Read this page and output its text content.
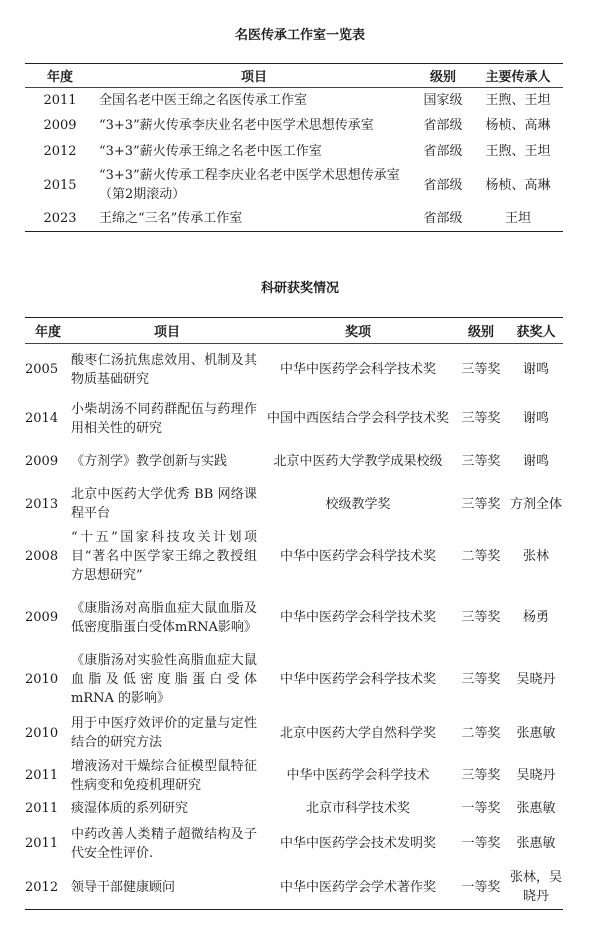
名医传承工作室一览表
年度	项目	级别	主要传承人
2011	全国名老中医王绵之名医传承工作室	国家级	王煦、王坦
2009	“3+3”薪火传承李庆业名老中医学术思想传承室	省部级	杨桢、高琳
2012	“3+3”薪火传承王绵之名老中医工作室	省部级	王煦、王坦
2015	“3+3”薪火传承工程李庆业名老中医学术思想传承室（第2期滚动）	省部级	杨桢、高琳
2023	王绵之“三名”传承工作室	省部级	王坦
科研获奖情况
年度	项目	奖项	级别	获奖人
2005	酸枣仁汤抗焦虑效用、机制及其物质基础研究	中华中医药学会科学技术奖	三等奖	谢鸣
2014	小柴胡汤不同药群配伍与药理作用相关性的研究	中国中西医结合学会科学技术奖	三等奖	谢鸣
2009	《方剂学》教学创新与实践	北京中医药大学教学成果校级	三等奖	谢鸣
2013	北京中医药大学优秀 BB 网络课程平台	校级教学奖	三等奖	方剂全体
2008	“十五”国家科技攻关计划项目“著名中医学家王绵之教授组方思想研究”	中华中医药学会科学技术奖	二等奖	张林
2009	《康脂汤对高脂血症大鼠血脂及低密度脂蛋白受体mRNA影响》	中华中医药学会科学技术奖	三等奖	杨勇
2010	《康脂汤对实验性高脂血症大鼠血脂及低密度脂蛋白受体 mRNA 的影响》	中华中医药学会科学技术奖	三等奖	吴晓丹
2010	用于中医疗效评价的定量与定性结合的研究方法	北京中医药大学自然科学奖	二等奖	张惠敏
2011	增液汤对干燥综合征模型鼠特征性病变和免疫机理研究	中华中医药学会科学技术	三等奖	吴晓丹
2011	痰湿体质的系列研究	北京市科学技术奖	一等奖	张惠敏
2011	中药改善人类精子超微结构及子代安全性评价.	中华中医药学会技术发明奖	一等奖	张惠敏
2012	领导干部健康顾问	中华中医药学会学术著作奖	一等奖	张林，吴晓丹
